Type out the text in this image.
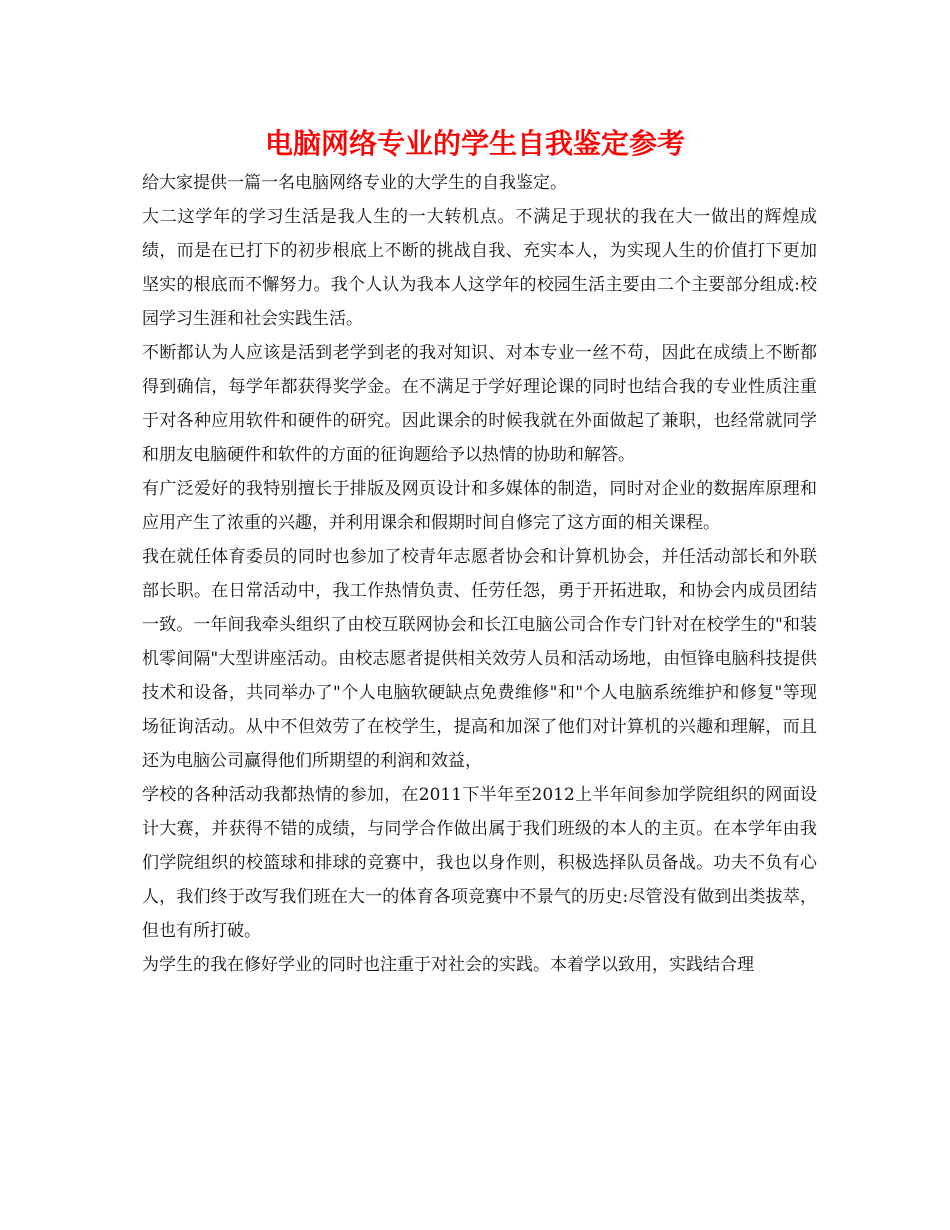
电脑网络专业的学生自我鉴定参考

给大家提供一篇一名电脑网络专业的大学生的自我鉴定。

大二这学年的学习生活是我人生的一大转机点。不满足于现状的我在大一做出的辉煌成绩，而是在已打下的初步根底上不断的挑战自我、充实本人，为实现人生的价值打下更加坚实的根底而不懈努力。我个人认为我本人这学年的校园生活主要由二个主要部分组成:校园学习生涯和社会实践生活。

不断都认为人应该是活到老学到老的我对知识、对本专业一丝不苟，因此在成绩上不断都得到确信，每学年都获得奖学金。在不满足于学好理论课的同时也结合我的专业性质注重于对各种应用软件和硬件的研究。因此课余的时候我就在外面做起了兼职，也经常就同学和朋友电脑硬件和软件的方面的征询题给予以热情的协助和解答。

有广泛爱好的我特别擅长于排版及网页设计和多媒体的制造，同时对企业的数据库原理和应用产生了浓重的兴趣，并利用课余和假期时间自修完了这方面的相关课程。

我在就任体育委员的同时也参加了校青年志愿者协会和计算机协会，并任活动部长和外联部长职。在日常活动中，我工作热情负责、任劳任怨，勇于开拓进取，和协会内成员团结一致。一年间我牵头组织了由校互联网协会和长江电脑公司合作专门针对在校学生的"和装机零间隔"大型讲座活动。由校志愿者提供相关效劳人员和活动场地，由恒锋电脑科技提供技术和设备，共同举办了"个人电脑软硬缺点免费维修"和"个人电脑系统维护和修复"等现场征询活动。从中不但效劳了在校学生，提高和加深了他们对计算机的兴趣和理解，而且还为电脑公司赢得他们所期望的利润和效益，

学校的各种活动我都热情的参加，在2011下半年至2012上半年间参加学院组织的网面设计大赛，并获得不错的成绩，与同学合作做出属于我们班级的本人的主页。在本学年由我们学院组织的校篮球和排球的竞赛中，我也以身作则，积极选择队员备战。功夫不负有心人，我们终于改写我们班在大一的体育各项竞赛中不景气的历史:尽管没有做到出类拔萃，但也有所打破。

为学生的我在修好学业的同时也注重于对社会的实践。本着学以致用，实践结合理
